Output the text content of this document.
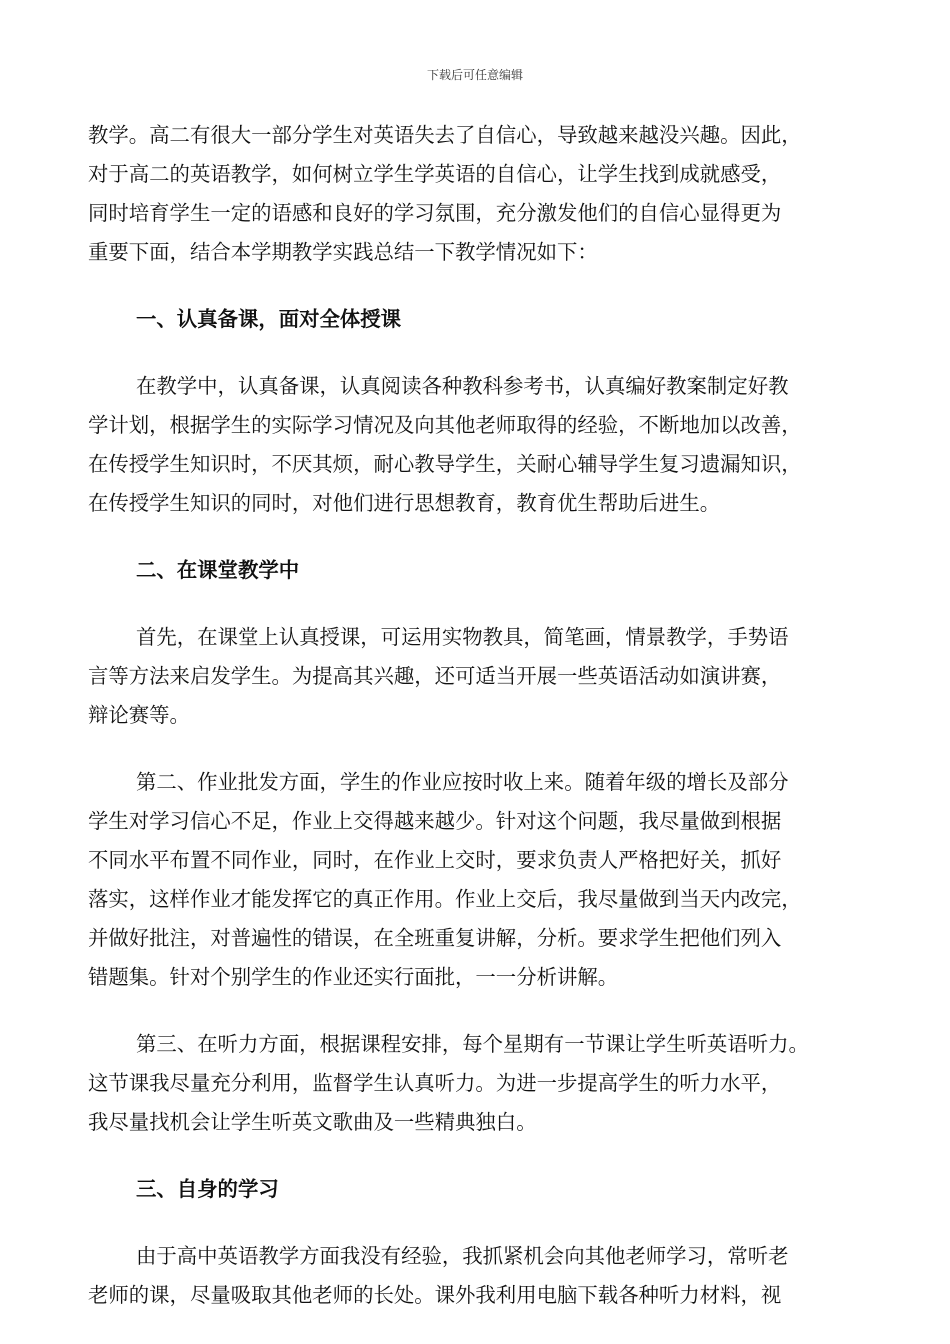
下载后可任意编辑
教学。高二有很大一部分学生对英语失去了自信心，导致越来越没兴趣。因此，
对于高二的英语教学，如何树立学生学英语的自信心，让学生找到成就感受，
同时培育学生一定的语感和良好的学习氛围，充分激发他们的自信心显得更为
重要下面，结合本学期教学实践总结一下教学情况如下：
一、认真备课，面对全体授课
在教学中，认真备课，认真阅读各种教科参考书，认真编好教案制定好教
学计划，根据学生的实际学习情况及向其他老师取得的经验，不断地加以改善，
在传授学生知识时，不厌其烦，耐心教导学生，关耐心辅导学生复习遗漏知识，
在传授学生知识的同时，对他们进行思想教育，教育优生帮助后进生。
二、在课堂教学中
首先，在课堂上认真授课，可运用实物教具，简笔画，情景教学，手势语
言等方法来启发学生。为提高其兴趣，还可适当开展一些英语活动如演讲赛，
辩论赛等。
第二、作业批发方面，学生的作业应按时收上来。随着年级的增长及部分
学生对学习信心不足，作业上交得越来越少。针对这个问题，我尽量做到根据
不同水平布置不同作业，同时，在作业上交时，要求负责人严格把好关，抓好
落实，这样作业才能发挥它的真正作用。作业上交后，我尽量做到当天内改完，
并做好批注，对普遍性的错误，在全班重复讲解，分析。要求学生把他们列入
错题集。针对个别学生的作业还实行面批，一一分析讲解。
第三、在听力方面，根据课程安排，每个星期有一节课让学生听英语听力。
这节课我尽量充分利用，监督学生认真听力。为进一步提高学生的听力水平，
我尽量找机会让学生听英文歌曲及一些精典独白。
三、自身的学习
由于高中英语教学方面我没有经验，我抓紧机会向其他老师学习，常听老
老师的课，尽量吸取其他老师的长处。课外我利用电脑下载各种听力材料，视
